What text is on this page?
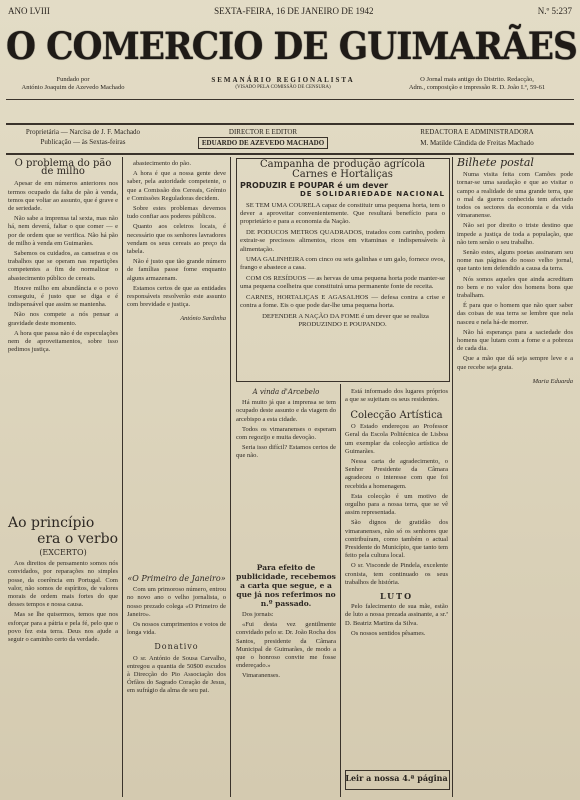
ANO LVIII	SEXTA-FEIRA, 16 DE JANEIRO DE 1942	N.º 5:237
O COMERCIO DE GUIMARÃES
Fundado por
António Joaquim de Azevedo Machado
SEMANÁRIO REGIONALISTA
(VISADO PELA COMISSÃO DE CENSURA)
O Jornal mais antigo do Distrito. Redacção,
Adm., composição e impressão R. D. João I.º, 59-61
Proprietária — Narcisa de J. F. Machado
Publicação — às Sextas-feiras
DIRECTOR E EDITOR
EDUARDO DE AZEVEDO MACHADO
REDACTORA E ADMINISTRADORA
M. Matilde Cândida de Freitas Machado
O problema do pão de milho

Apesar de em números anteriores nos termos ocupado da falta de pão à venda, temos que voltar ao assunto, que é grave e de seriedade.

Não sabe a imprensa tal sexta, mas não há, nem deverá, faltar o que comer — e por de ordem que se verifica. Não há pão de milho à venda em Guimarães.

Sabemos os cuidados, as canseiras e os trabalhos que se operam nas repartições competentes a fim de normalizar o abastecimento público de cereais.

Houve milho em abundância e o povo conseguiu, é justo que se diga e é indispensável que assim se mantenha.

Não nos compete a nós pensar a gravidade deste momento.

A hora que passa não é de especulações nem de aproveitamentos, sobre isso pedimos justiça.

Ao princípio
era o verbo
(EXCERTO)

Aos direitos de pensamento somos nós convidados, por reparações no simples posse, da coerência em Portugal. Com valor, não somos de espíritos, de valores morais de ordem mais fortes do que desses tempos e nossa causa.

Mas se lhe quisermos, temos que nos esforçar para a pátria e pela fé, pelo que o povo fez esta terra. Deus nos ajude a seguir o caminho certo da verdade.

abastecimento do pão.

A hora é que a nossa gente deve saber, pela autoridade competente, o que a Comissão dos Cereais, Grémio e Comissões Reguladoras decidem.

Sobre estes problemas devemos tudo confiar aos poderes públicos.

Quanto aos celeiros locais, é necessário que os senhores lavradores vendam os seus cereais ao preço da tabela.

Não é justo que tão grande número de famílias passe fome enquanto alguns armazenam.

Estamos certos de que as entidades responsáveis resolverão este assunto com brevidade e justiça.

António Sardinha
«O Primeiro de Janeiro»

Com um primoroso número, entrou no novo ano o velho jornalista, o nosso prezado colega «O Primeiro de Janeiro».

Os nossos cumprimentos e votos de longa vida.

Donativo

O sr. António de Sousa Carvalho, entregou a quantia de 50$00 escudos à Direcção do Pio Associação dos Órfãos do Sagrado Coração de Jesus, em sufrágio da alma de seu pai.

Campanha de produção agrícola
Carnes e Hortaliças
PRODUZIR E POUPAR é um dever
DE SOLIDARIEDADE NACIONAL

SE TEM UMA COURELA capaz de constituir uma pequena horta, tem o dever a aproveitar convenientemente. Que resultará benefício para o proprietário e para a economia da Nação.

DE PODUCOS METROS QUADRADOS, tratados com carinho, podem extrair-se preciosos alimentos, ricos em vitaminas e indispensáveis à alimentação.

UMA GALINHEIRA com cinco ou seis galinhas e um galo, fornece ovos, frango e abastece a casa.

COM OS RESÍDUOS — as hervas de uma pequena horta pode manter-se uma pequena coelheira que constituirá uma permanente fonte de receita.

CARNES, HORTALIÇAS E AGASALHOS — defesa contra a crise e contra a fome. Eis o que pode dar-lhe uma pequena horta.

DEFENDER A NAÇÃO DA FOME é um dever que se realiza PRODUZINDO E POUPANDO.

A vinda d'Arcebelo

Há muito já que a imprensa se tem ocupado deste assunto e da viagem do arcebispo a esta cidade.

Todos os vimaranenses o esperam com regozijo e muita devoção.

Seria isso difícil? Estamos certos de que não.

Para efeito de publicidade, recebemos a carta que segue, e a que já nos referimos no n.º passado.

Dos jornais:

«Fui desta vez gentilmente convidado pelo sr. Dr. João Rocha dos Santos, presidente da Câmara Municipal de Guimarães, de modo a que o honroso convite me fosse endereçado.»

Vimaranenses.

Está informado dos lugares próprios a que se sujeitam os seus residentes.

Colecção Artística

O Estado endereçou ao Professor Geral da Escola Politécnica de Lisboa um exemplar da colecção artística de Guimarães.

Nessa carta de agradecimento, o Senhor Presidente da Câmara agradeceu o interesse com que foi recebida a homenagem.

Esta colecção é um motivo de orgulho para a nossa terra, que se vê assim representada.

São dignos de gratidão dos vimaranenses, não só os senhores que contribuíram, como também o actual Presidente do Município, que tanto tem feito pela cultura local.

O sr. Visconde de Pindela, excelente cronista, tem continuado os seus trabalhos de história.

LUTO

Pelo falecimento de sua mãe, estão de luto a nossa prezada assinante, a sr.ª D. Beatriz Martins da Silva.

Os nossos sentidos pêsames.

Leir a nossa 4.ª página
Bilhete postal

Numa visita feita com Camões pode tornar-se uma saudação e que ao visitar o campo a realidade de uma grande terra, que o mal da guerra conhecida tem afectado todos os sectores da economia e da vida vimaranense.

Não sei por direito o triste destino que impede a justiça de toda a população, que não tem senão o seu trabalho.

Senão estes, alguns poetas assinaram seu nome nas páginas do nosso velho jornal, que tanto tem defendido a causa da terra.

Nós somos aqueles que ainda acreditam no bem e no valor dos homens bons que trabalham.

É para que o homem que não quer saber das coisas de sua terra se lembre que nela nasceu e nela há-de morrer.

Não há esperança para a saciedade dos homens que lutam com a fome e a pobreza de cada dia.

Que a mão que dá seja sempre leve e a que recebe seja grata.

Maria Eduarda
